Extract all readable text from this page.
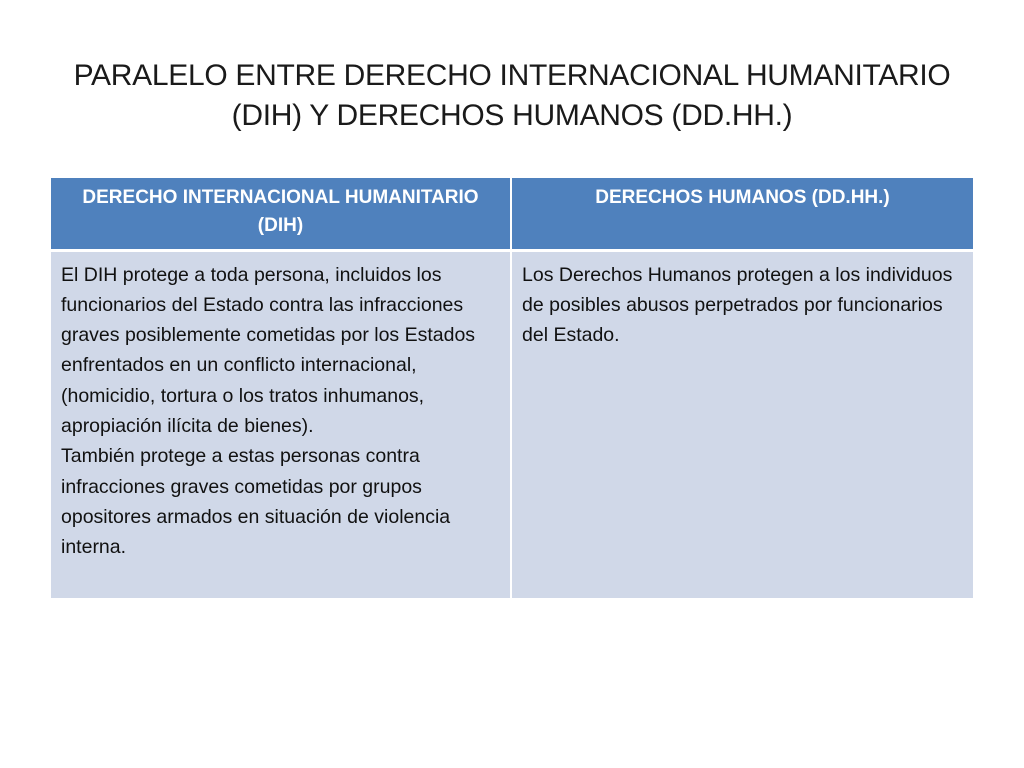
PARALELO ENTRE DERECHO INTERNACIONAL HUMANITARIO
(DIH) Y DERECHOS HUMANOS (DD.HH.)
DERECHO INTERNACIONAL HUMANITARIO (DIH)	DERECHOS HUMANOS (DD.HH.)

El DIH protege a toda persona, incluidos los funcionarios del Estado contra las infracciones graves posiblemente cometidas por los Estados enfrentados en un conflicto internacional,(homicidio, tortura o los tratos inhumanos, apropiación ilícita de bienes).
También protege a estas personas contra infracciones graves cometidas por grupos opositores armados en situación de violencia interna.	Los Derechos Humanos protegen a los individuos de posibles abusos perpetrados por funcionarios del Estado.
